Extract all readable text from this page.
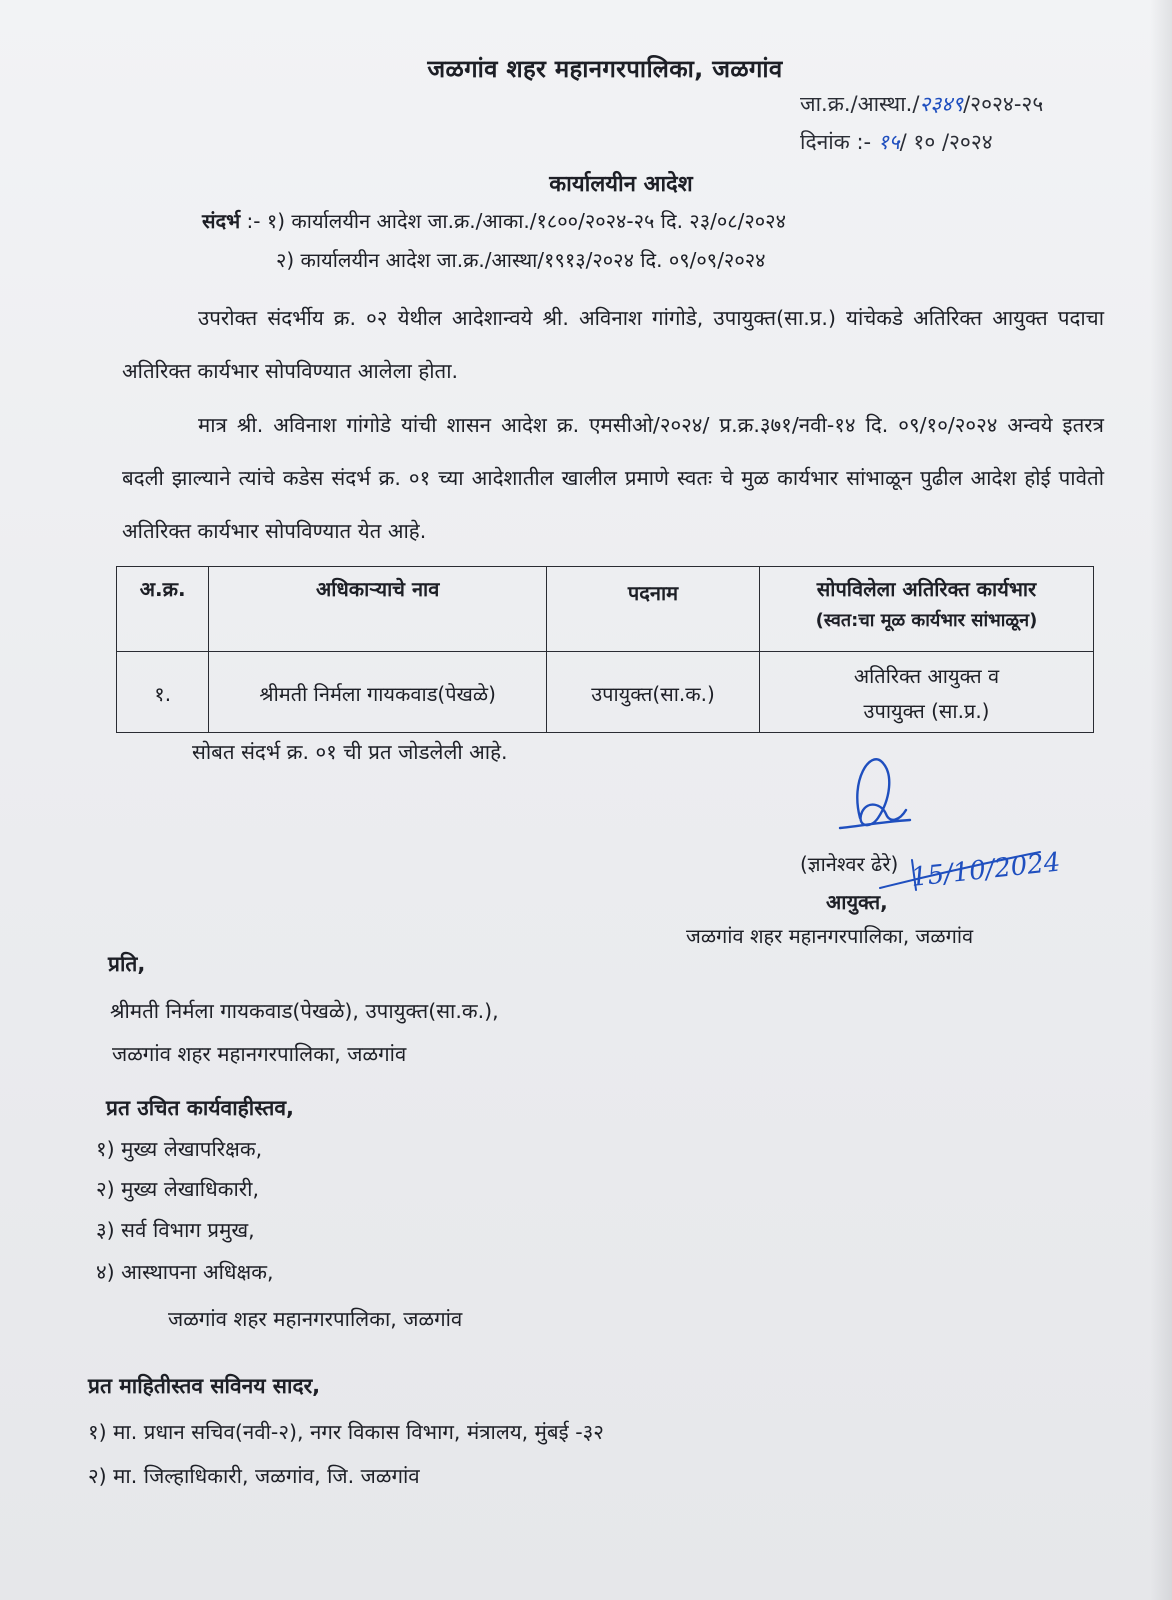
जळगांव शहर महानगरपालिका, जळगांव
जा.क्र./आस्था./२३४९/२०२४-२५
दिनांक :- १५/ १० /२०२४
कार्यालयीन आदेश
संदर्भ :- १) कार्यालयीन आदेश जा.क्र./आका./१८००/२०२४-२५ दि. २३/०८/२०२४
२) कार्यालयीन आदेश जा.क्र./आस्था/१९१३/२०२४ दि. ०९/०९/२०२४
उपरोक्त संदर्भीय क्र. ०२ येथील आदेशान्वये श्री. अविनाश गांगोडे, उपायुक्त(सा.प्र.) यांचेकडे अतिरिक्त आयुक्त पदाचा अतिरिक्त कार्यभार सोपविण्यात आलेला होता.
मात्र श्री. अविनाश गांगोडे यांची शासन आदेश क्र. एमसीओ/२०२४/ प्र.क्र.३७१/नवी-१४ दि. ०९/१०/२०२४ अन्वये इतरत्र बदली झाल्याने त्यांचे कडेस संदर्भ क्र. ०१ च्या आदेशातील खालील प्रमाणे स्वतः चे मुळ कार्यभार सांभाळून पुढील आदेश होई पावेतो अतिरिक्त कार्यभार सोपविण्यात येत आहे.
अ.क्र.	अधिकाऱ्याचे नाव	पदनाम	सोपविलेला अतिरिक्त कार्यभार
(स्वत:चा मूळ कार्यभार सांभाळून)

१.	श्रीमती निर्मला गायकवाड(पेखळे)	उपायुक्त(सा.क.)	अतिरिक्त आयुक्त व
उपायुक्त (सा.प्र.)
सोबत संदर्भ क्र. ०१ ची प्रत जोडलेली आहे.
15/10/2024
(ज्ञानेश्वर ढेरे)
आयुक्त,
जळगांव शहर महानगरपालिका, जळगांव
प्रति,
श्रीमती निर्मला गायकवाड(पेखळे), उपायुक्त(सा.क.),
जळगांव शहर महानगरपालिका, जळगांव
प्रत उचित कार्यवाहीस्तव,
१) मुख्य लेखापरिक्षक,
२) मुख्य लेखाधिकारी,
३) सर्व विभाग प्रमुख,
४) आस्थापना अधिक्षक,
जळगांव शहर महानगरपालिका, जळगांव
प्रत माहितीस्तव सविनय सादर,
१) मा. प्रधान सचिव(नवी-२), नगर विकास विभाग, मंत्रालय, मुंबई -३२
२) मा. जिल्हाधिकारी, जळगांव, जि. जळगांव
